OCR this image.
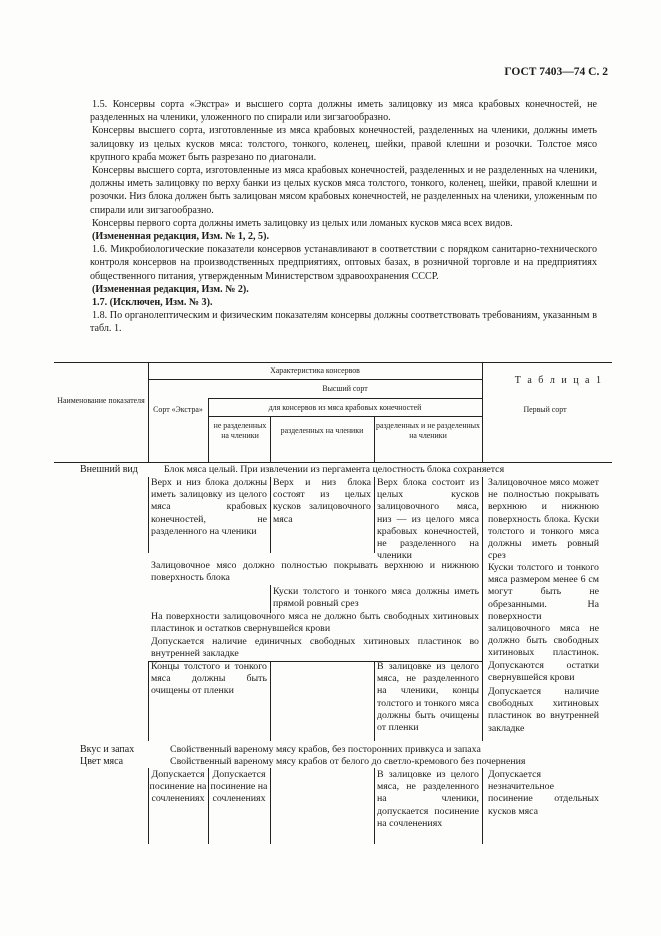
ГОСТ 7403—74 С. 2

1.5. Консервы сорта «Экстра» и высшего сорта должны иметь залицовку из мяса крабовых конечностей, не разделенных на членики, уложенного по спирали или зигзагообразно.

Консервы высшего сорта, изготовленные из мяса крабовых конечностей, разделенных на членики, должны иметь залицовку из целых кусков мяса: толстого, тонкого, коленец, шейки, правой клешни и розочки. Толстое мясо крупного краба может быть разрезано по диагонали.

Консервы высшего сорта, изготовленные из мяса крабовых конечностей, разделенных и не разделенных на членики, должны иметь залицовку по верху банки из целых кусков мяса толстого, тонкого, коленец, шейки, правой клешни и розочки. Низ блока должен быть залицован мясом крабовых конечностей, не разделенных на членики, уложенным по спирали или зигзагообразно.

Консервы первого сорта должны иметь залицовку из целых или ломаных кусков мяса всех видов.

(Измененная редакция, Изм. № 1, 2, 5).

1.6. Микробиологические показатели консервов устанавливают в соответствии с порядком санитарно-технического контроля консервов на производственных предприятиях, оптовых базах, в розничной торговле и на предприятиях общественного питания, утвержденным Министерством здравоохранения СССР.

(Измененная редакция, Изм. № 2).

1.7. (Исключен, Изм. № 3).

1.8. По органолептическим и физическим показателям консервы должны соответствовать требованиям, указанным в табл. 1.

Т а б л и ц а 1
Наименование показателя
Характеристика консервов
Сорт «Экстра»
Высший сорт
для консервов из мяса крабовых конечностей
не разделенных на членики
разделенных на членики
разделенных и не разделенных на членики
Первый сорт
Внешний вид
Вкус и запах
Цвет мяса
Блок мяса целый. При извлечении из пергамента целостность блока сохраняется
Верх и низ блока должны иметь залицовку из целого мяса крабовых конечностей, не разделенного на членики
Верх и низ блока состоят из целых кусков залицовочного мяса
Верх блока состоит из целых кусков залицовочного мяса, низ — из целого мяса крабовых конечностей, не разделенного на членики
Залицовочное мясо может не полностью покрывать верхнюю и нижнюю поверхность блока. Куски толстого и тонкого мяса должны иметь ровный срез
Куски толстого и тонкого мяса размером менее 6 см могут быть не обрезанными. На поверхности залицовочного мяса не должно быть свободных хитиновых пластинок. Допускаются остатки свернувшейся крови
Допускается наличие свободных хитиновых пластинок во внутренней закладке
Залицовочное мясо должно полностью покрывать верхнюю и нижнюю поверхность блока
Куски толстого и тонкого мяса должны иметь прямой ровный срез
На поверхности залицовочного мяса не должно быть свободных хитиновых пластинок и остатков свернувшейся крови
Допускается наличие единичных свободных хитиновых пластинок во внутренней закладке
Концы толстого и тонкого мяса должны быть очищены от пленки
В залицовке из целого мяса, не разделенного на членики, концы толстого и тонкого мяса должны быть очищены от пленки
Свойственный вареному мясу крабов, без посторонних привкуса и запаха
Свойственный вареному мясу крабов от белого до светло-кремового без почернения
Допускается посинение на сочленениях
Допускается посинение на сочленениях
В залицовке из целого мяса, не разделенного на членики, допускается посинение на сочленениях
Допускается незначительное посинение отдельных кусков мяса
